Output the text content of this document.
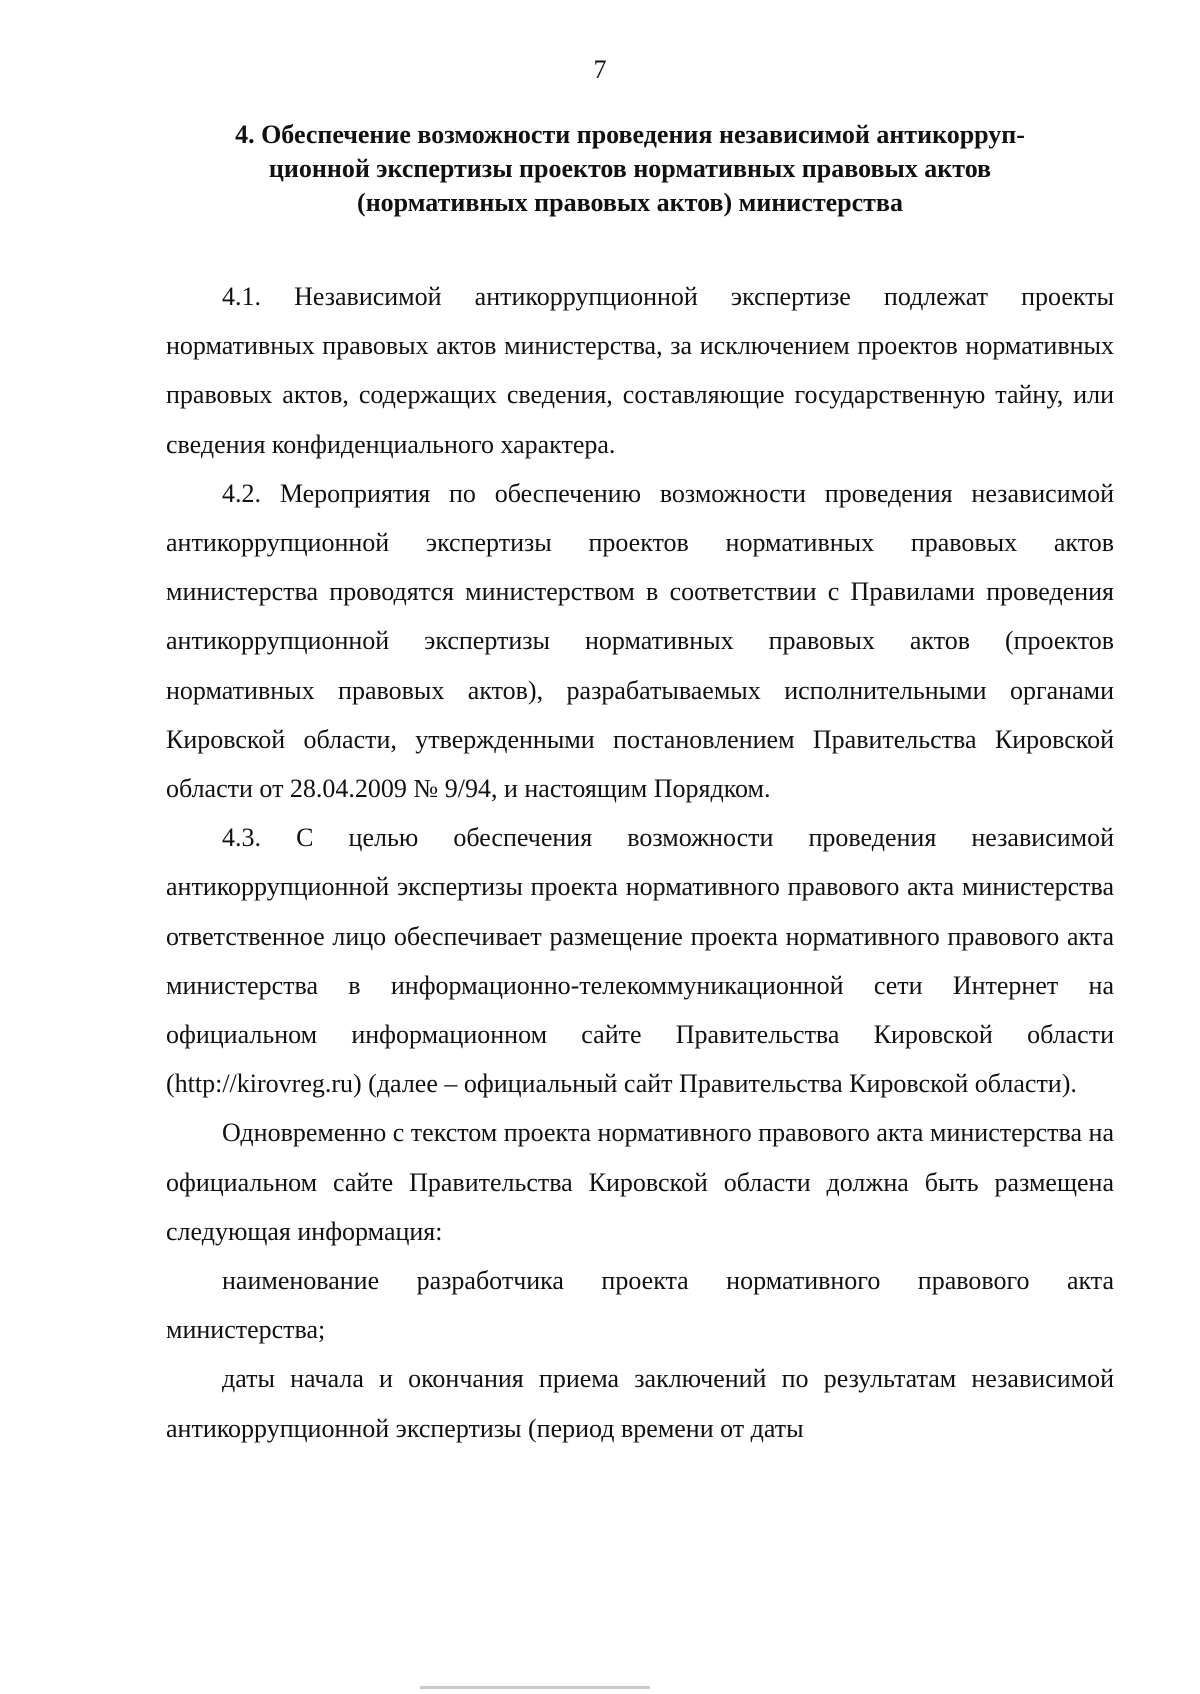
7
4. Обеспечение возможности проведения независимой антикорруп-
ционной экспертизы проектов нормативных правовых актов
(нормативных правовых актов) министерства

4.1. Независимой антикоррупционной экспертизе подлежат проекты нормативных правовых актов министерства, за исключением проектов нормативных правовых актов, содержащих сведения, составляющие государственную тайну, или сведения конфиденциального характера.

4.2. Мероприятия по обеспечению возможности проведения независимой антикоррупционной экспертизы проектов нормативных правовых актов министерства проводятся министерством в соответствии с Правилами проведения антикоррупционной экспертизы нормативных правовых актов (проектов нормативных правовых актов), разрабатываемых исполнительными органами Кировской области, утвержденными постановлением Правительства Кировской области от 28.04.2009 № 9/94, и настоящим Порядком.

4.3. С целью обеспечения возможности проведения независимой антикоррупционной экспертизы проекта нормативного правового акта министерства ответственное лицо обеспечивает размещение проекта нормативного правового акта министерства в информационно-телекоммуникационной сети Интернет на официальном информационном сайте Правительства Кировской области (http://kirovreg.ru) (далее – официальный сайт Правительства Кировской области).

Одновременно с текстом проекта нормативного правового акта министерства на официальном сайте Правительства Кировской области должна быть размещена следующая информация:

наименование разработчика проекта нормативного правового акта министерства;

даты начала и окончания приема заключений по результатам независимой антикоррупционной экспертизы (период времени от даты
